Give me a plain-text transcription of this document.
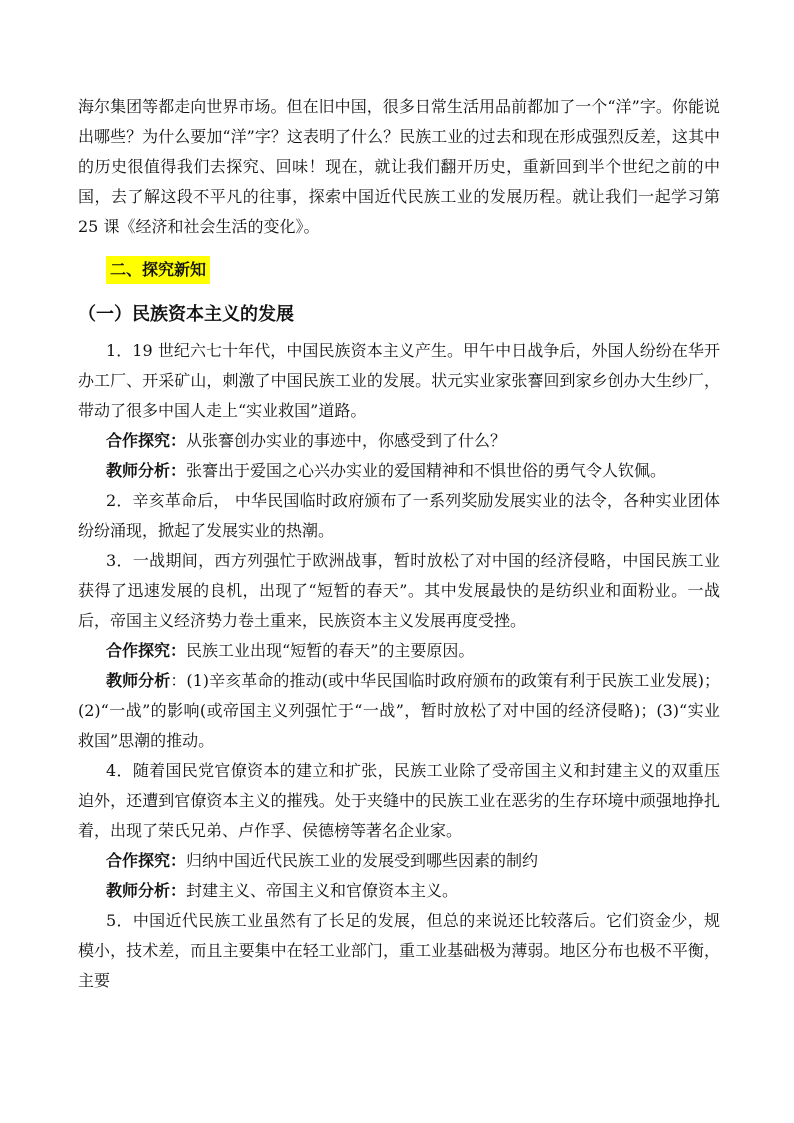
海尔集团等都走向世界市场。但在旧中国，很多日常生活用品前都加了一个“洋”字。你能说出哪些？为什么要加“洋”字？这表明了什么？民族工业的过去和现在形成强烈反差，这其中的历史很值得我们去探究、回味！现在，就让我们翻开历史，重新回到半个世纪之前的中国，去了解这段不平凡的往事，探索中国近代民族工业的发展历程。就让我们一起学习第 25 课《经济和社会生活的变化》。

二、探究新知
（一）民族资本主义的发展

1．19 世纪六七十年代，中国民族资本主义产生。甲午中日战争后，外国人纷纷在华开办工厂、开采矿山，刺激了中国民族工业的发展。状元实业家张謇回到家乡创办大生纱厂，带动了很多中国人走上“实业救国”道路。

合作探究：从张謇创办实业的事迹中，你感受到了什么？

教师分析：张謇出于爱国之心兴办实业的爱国精神和不惧世俗的勇气令人钦佩。

2．辛亥革命后， 中华民国临时政府颁布了一系列奖励发展实业的法令，各种实业团体纷纷涌现，掀起了发展实业的热潮。

3．一战期间，西方列强忙于欧洲战事，暂时放松了对中国的经济侵略，中国民族工业获得了迅速发展的良机，出现了“短暂的春天”。其中发展最快的是纺织业和面粉业。一战后，帝国主义经济势力卷土重来，民族资本主义发展再度受挫。

合作探究：民族工业出现“短暂的春天”的主要原因。

教师分析：(1)辛亥革命的推动(或中华民国临时政府颁布的政策有利于民族工业发展)；(2)“一战”的影响(或帝国主义列强忙于“一战”，暂时放松了对中国的经济侵略)；(3)“实业救国”思潮的推动。

4．随着国民党官僚资本的建立和扩张，民族工业除了受帝国主义和封建主义的双重压迫外，还遭到官僚资本主义的摧残。处于夹缝中的民族工业在恶劣的生存环境中顽强地挣扎着，出现了荣氏兄弟、卢作孚、侯德榜等著名企业家。

合作探究：归纳中国近代民族工业的发展受到哪些因素的制约

教师分析：封建主义、帝国主义和官僚资本主义。

5．中国近代民族工业虽然有了长足的发展，但总的来说还比较落后。它们资金少，规模小，技术差，而且主要集中在轻工业部门，重工业基础极为薄弱。地区分布也极不平衡，主要
